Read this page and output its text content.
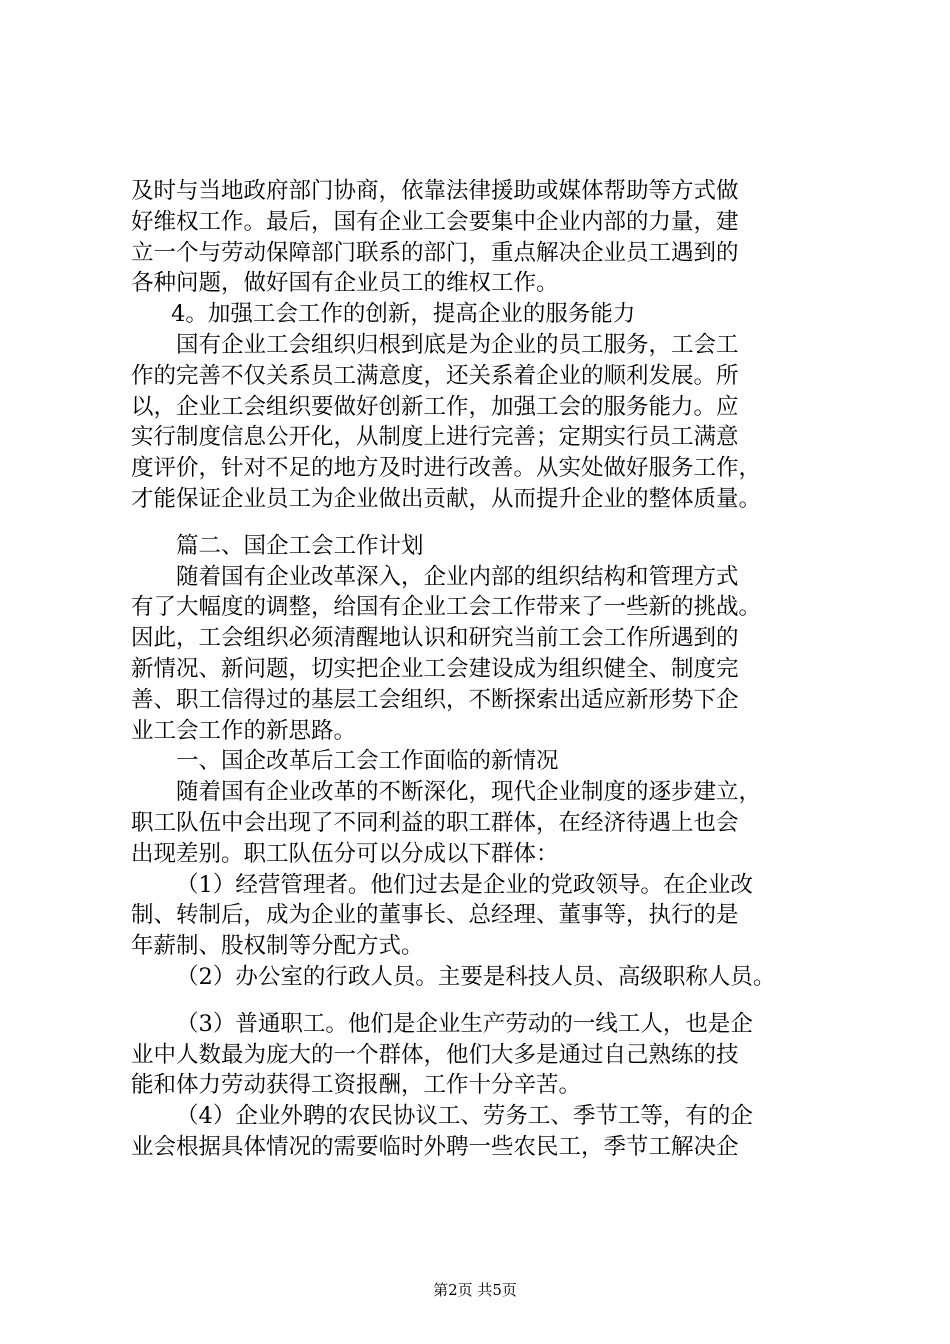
及时与当地政府部门协商，依靠法律援助或媒体帮助等方式做
好维权工作。最后，国有企业工会要集中企业内部的力量，建
立一个与劳动保障部门联系的部门，重点解决企业员工遇到的
各种问题，做好国有企业员工的维权工作。
4。加强工会工作的创新，提高企业的服务能力
国有企业工会组织归根到底是为企业的员工服务，工会工
作的完善不仅关系员工满意度，还关系着企业的顺利发展。所
以，企业工会组织要做好创新工作，加强工会的服务能力。应
实行制度信息公开化，从制度上进行完善；定期实行员工满意
度评价，针对不足的地方及时进行改善。从实处做好服务工作，
才能保证企业员工为企业做出贡献，从而提升企业的整体质量。
篇二、国企工会工作计划
随着国有企业改革深入，企业内部的组织结构和管理方式
有了大幅度的调整，给国有企业工会工作带来了一些新的挑战。
因此，工会组织必须清醒地认识和研究当前工会工作所遇到的
新情况、新问题，切实把企业工会建设成为组织健全、制度完
善、职工信得过的基层工会组织，不断探索出适应新形势下企
业工会工作的新思路。
一、国企改革后工会工作面临的新情况
随着国有企业改革的不断深化，现代企业制度的逐步建立，
职工队伍中会出现了不同利益的职工群体，在经济待遇上也会
出现差别。职工队伍分可以分成以下群体：
（1）经营管理者。他们过去是企业的党政领导。在企业改
制、转制后，成为企业的董事长、总经理、董事等，执行的是
年薪制、股权制等分配方式。
（2）办公室的行政人员。主要是科技人员、高级职称人员。
（3）普通职工。他们是企业生产劳动的一线工人，也是企
业中人数最为庞大的一个群体，他们大多是通过自己熟练的技
能和体力劳动获得工资报酬，工作十分辛苦。
（4）企业外聘的农民协议工、劳务工、季节工等，有的企
业会根据具体情况的需要临时外聘一些农民工，季节工解决企
第2页 共5页
